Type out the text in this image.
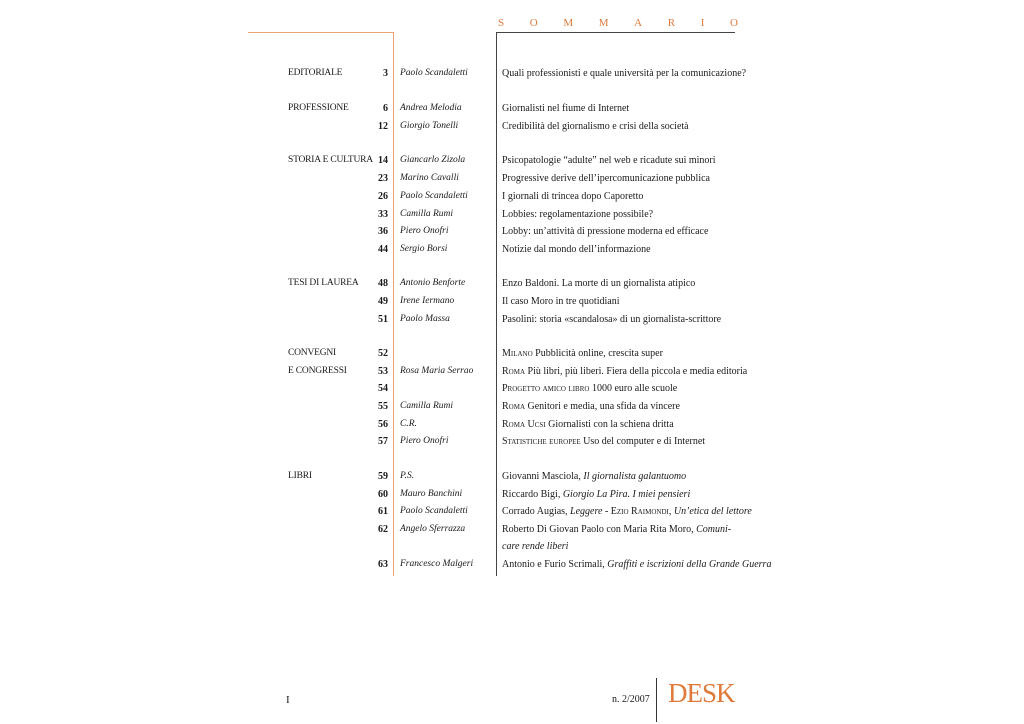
S O M M A R I O
EDITORIALE	3 Paolo Scandaletti	Quali professionisti e quale università per la comunicazione?
PROFESSIONE	6 Andrea Melodia	Giornalisti nel fiume di Internet
12 Giorgio Tonelli	Credibilità del giornalismo e crisi della società
STORIA E CULTURA 14 Giancarlo Zizola	Psicopatologie “adulte” nel web e ricadute sui minori
23 Marino Cavalli	Progressive derive dell’ipercomunicazione pubblica
26 Paolo Scandaletti	I giornali di trincea dopo Caporetto
33 Camilla Rumi	Lobbies: regolamentazione possibile?
36 Piero Onofri	Lobby: un’attività di pressione moderna ed efficace
44 Sergio Borsi	Notizie dal mondo dell’informazione
TESI DI LAUREA	48 Antonio Benforte	Enzo Baldoni. La morte di un giornalista atipico
49 Irene Iermano	Il caso Moro in tre quotidiani
51 Paolo Massa	Pasolini: storia «scandalosa» di un giornalista-scrittore
CONVEGNI	52	Milano Pubblicità online, crescita super
E CONGRESSI	53 Rosa Maria Serrao	Roma Più libri, più liberi. Fiera della piccola e media editoria
54	Progetto amico libro 1000 euro alle scuole
55 Camilla Rumi	Roma Genitori e media, una sfida da vincere
56 C.R.	Roma Ucsi Giornalisti con la schiena dritta
57 Piero Onofri	Statistiche europee Uso del computer e di Internet
LIBRI	59 P.S.	Giovanni Masciola, Il giornalista galantuomo
60 Mauro Banchini	Riccardo Bigi, Giorgio La Pira. I miei pensieri
61 Paolo Scandaletti	Corrado Augias, Leggere - Ezio Raimondi, Un’etica del lettore
62 Angelo Sferrazza	Roberto Di Giovan Paolo con Maria Rita Moro, Comuni-
care rende liberi
63 Francesco Malgeri	Antonio e Furio Scrimali, Graffiti e iscrizioni della Grande Guerra
I	n. 2/2007 DESK
